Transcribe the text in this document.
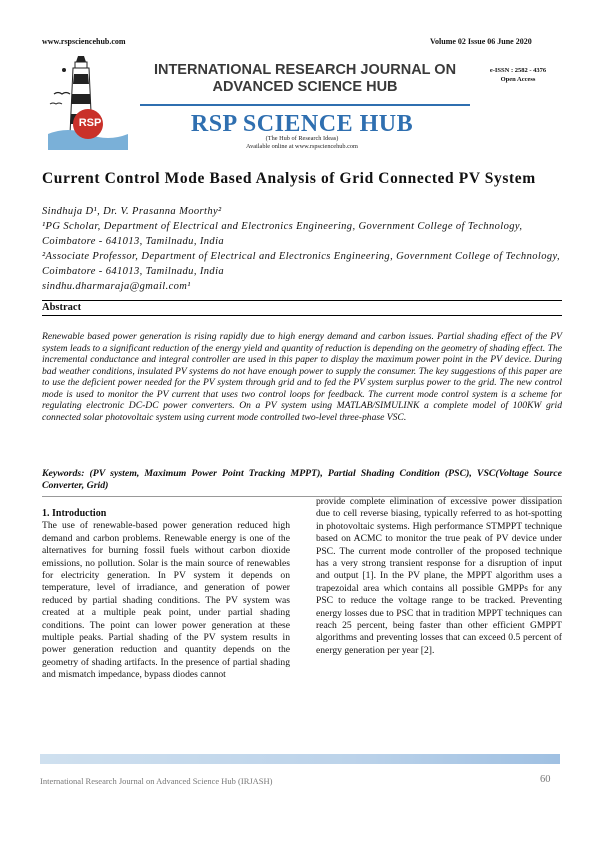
www.rspsciencehub.com	Volume 02 Issue 06 June 2020
RSP
INTERNATIONAL RESEARCH JOURNAL ON ADVANCED SCIENCE HUB
e-ISSN : 2582 - 4376
Open Access
RSP SCIENCE HUB
(The Hub of Research Ideas)
Available online at www.rspsciencehub.com
Current Control Mode Based Analysis of Grid Connected PV System
Sindhuja D¹, Dr. V. Prasanna Moorthy²
¹PG Scholar, Department of Electrical and Electronics Engineering, Government College of Technology, Coimbatore - 641013, Tamilnadu, India
²Associate Professor, Department of Electrical and Electronics Engineering, Government College of Technology, Coimbatore - 641013, Tamilnadu, India
sindhu.dharmaraja@gmail.com¹
Abstract
Renewable based power generation is rising rapidly due to high energy demand and carbon issues. Partial shading effect of the PV system leads to a significant reduction of the energy yield and quantity of reduction is depending on the geometry of shading effect. The incremental conductance and integral controller are used in this paper to display the maximum power point in the PV device. During bad weather conditions, insulated PV systems do not have enough power to supply the consumer. The key suggestions of this paper are to use the deficient power needed for the PV system through grid and to fed the PV system surplus power to the grid. The new control mode is used to monitor the PV current that uses two control loops for feedback. The current mode control system is a scheme for regulating electronic DC-DC power converters. On a PV system using MATLAB/SIMULINK a complete model of 100KW grid connected solar photovoltaic system using current mode controlled two-level three-phase VSC.
Keywords: (PV system, Maximum Power Point Tracking MPPT), Partial Shading Condition (PSC), VSC(Voltage Source Converter, Grid)
1. Introduction
The use of renewable-based power generation reduced high demand and carbon problems. Renewable energy is one of the alternatives for burning fossil fuels without carbon dioxide emissions, no pollution. Solar is the main source of renewables for electricity generation. In PV system it depends on temperature, level of irradiance, and generation of power reduced by partial shading conditions. The PV system was created at a multiple peak point, under partial shading conditions. The point can lower power generation at these multiple peaks. Partial shading of the PV system results in power generation reduction and quantity depends on the geometry of shading artifacts. In the presence of partial shading and mismatch impedance, bypass diodes cannot
provide complete elimination of excessive power dissipation due to cell reverse biasing, typically referred to as hot-spotting in photovoltaic systems. High performance STMPPT technique based on ACMC to monitor the true peak of PV device under PSC. The current mode controller of the proposed technique has a very strong transient response for a disruption of input and output [1]. In the PV plane, the MPPT algorithm uses a trapezoidal area which contains all possible GMPPs for any PSC to reduce the voltage range to be tracked. Preventing energy losses due to PSC that in tradition MPPT techniques can reach 25 percent, being faster than other efficient GMPPT algorithms and preventing losses that can exceed 0.5 percent of energy generation per year [2].
International Research Journal on Advanced Science Hub (IRJASH)	60
